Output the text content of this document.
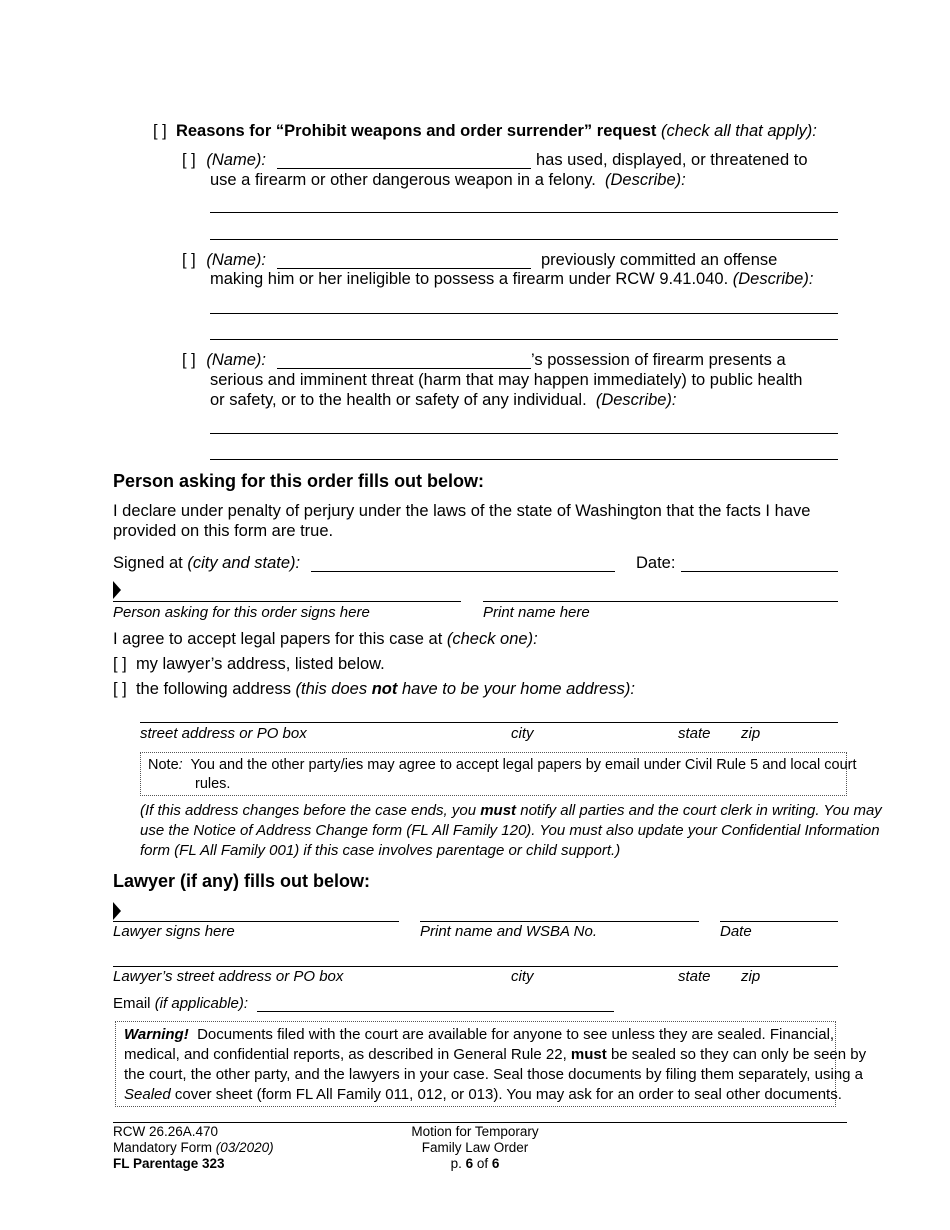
[ ] Reasons for “Prohibit weapons and order surrender” request (check all that apply):
[ ] (Name):	has used, displayed, or threatened to
use a firearm or other dangerous weapon in a felony. (Describe):
[ ] (Name):	previously committed an offense
making him or her ineligible to possess a firearm under RCW 9.41.040. (Describe):
[ ] (Name):	’s possession of firearm presents a
serious and imminent threat (harm that may happen immediately) to public health
or safety, or to the health or safety of any individual. (Describe):
Person asking for this order fills out below:
I declare under penalty of perjury under the laws of the state of Washington that the facts I have
provided on this form are true.
Signed at (city and state):	Date:
Person asking for this order signs here	Print name here
I agree to accept legal papers for this case at (check one):
[ ] my lawyer’s address, listed below.
[ ] the following address (this does not have to be your home address):
street address or PO box	city	state zip
Note: You and the other party/ies may agree to accept legal papers by email under Civil Rule 5 and local court
rules.
(If this address changes before the case ends, you must notify all parties and the court clerk in writing. You may
use the Notice of Address Change form (FL All Family 120). You must also update your Confidential Information
form (FL All Family 001) if this case involves parentage or child support.)
Lawyer (if any) fills out below:
Lawyer signs here	Print name and WSBA No.	Date
Lawyer’s street address or PO box	city	state zip
Email (if applicable):
Warning! Documents filed with the court are available for anyone to see unless they are sealed. Financial,
medical, and confidential reports, as described in General Rule 22, must be sealed so they can only be seen by
the court, the other party, and the lawyers in your case. Seal those documents by filing them separately, using a
Sealed cover sheet (form FL All Family 011, 012, or 013). You may ask for an order to seal other documents.
RCW 26.26A.470
Mandatory Form (03/2020)
FL Parentage 323
Motion for Temporary
Family Law Order
p. 6 of 6
